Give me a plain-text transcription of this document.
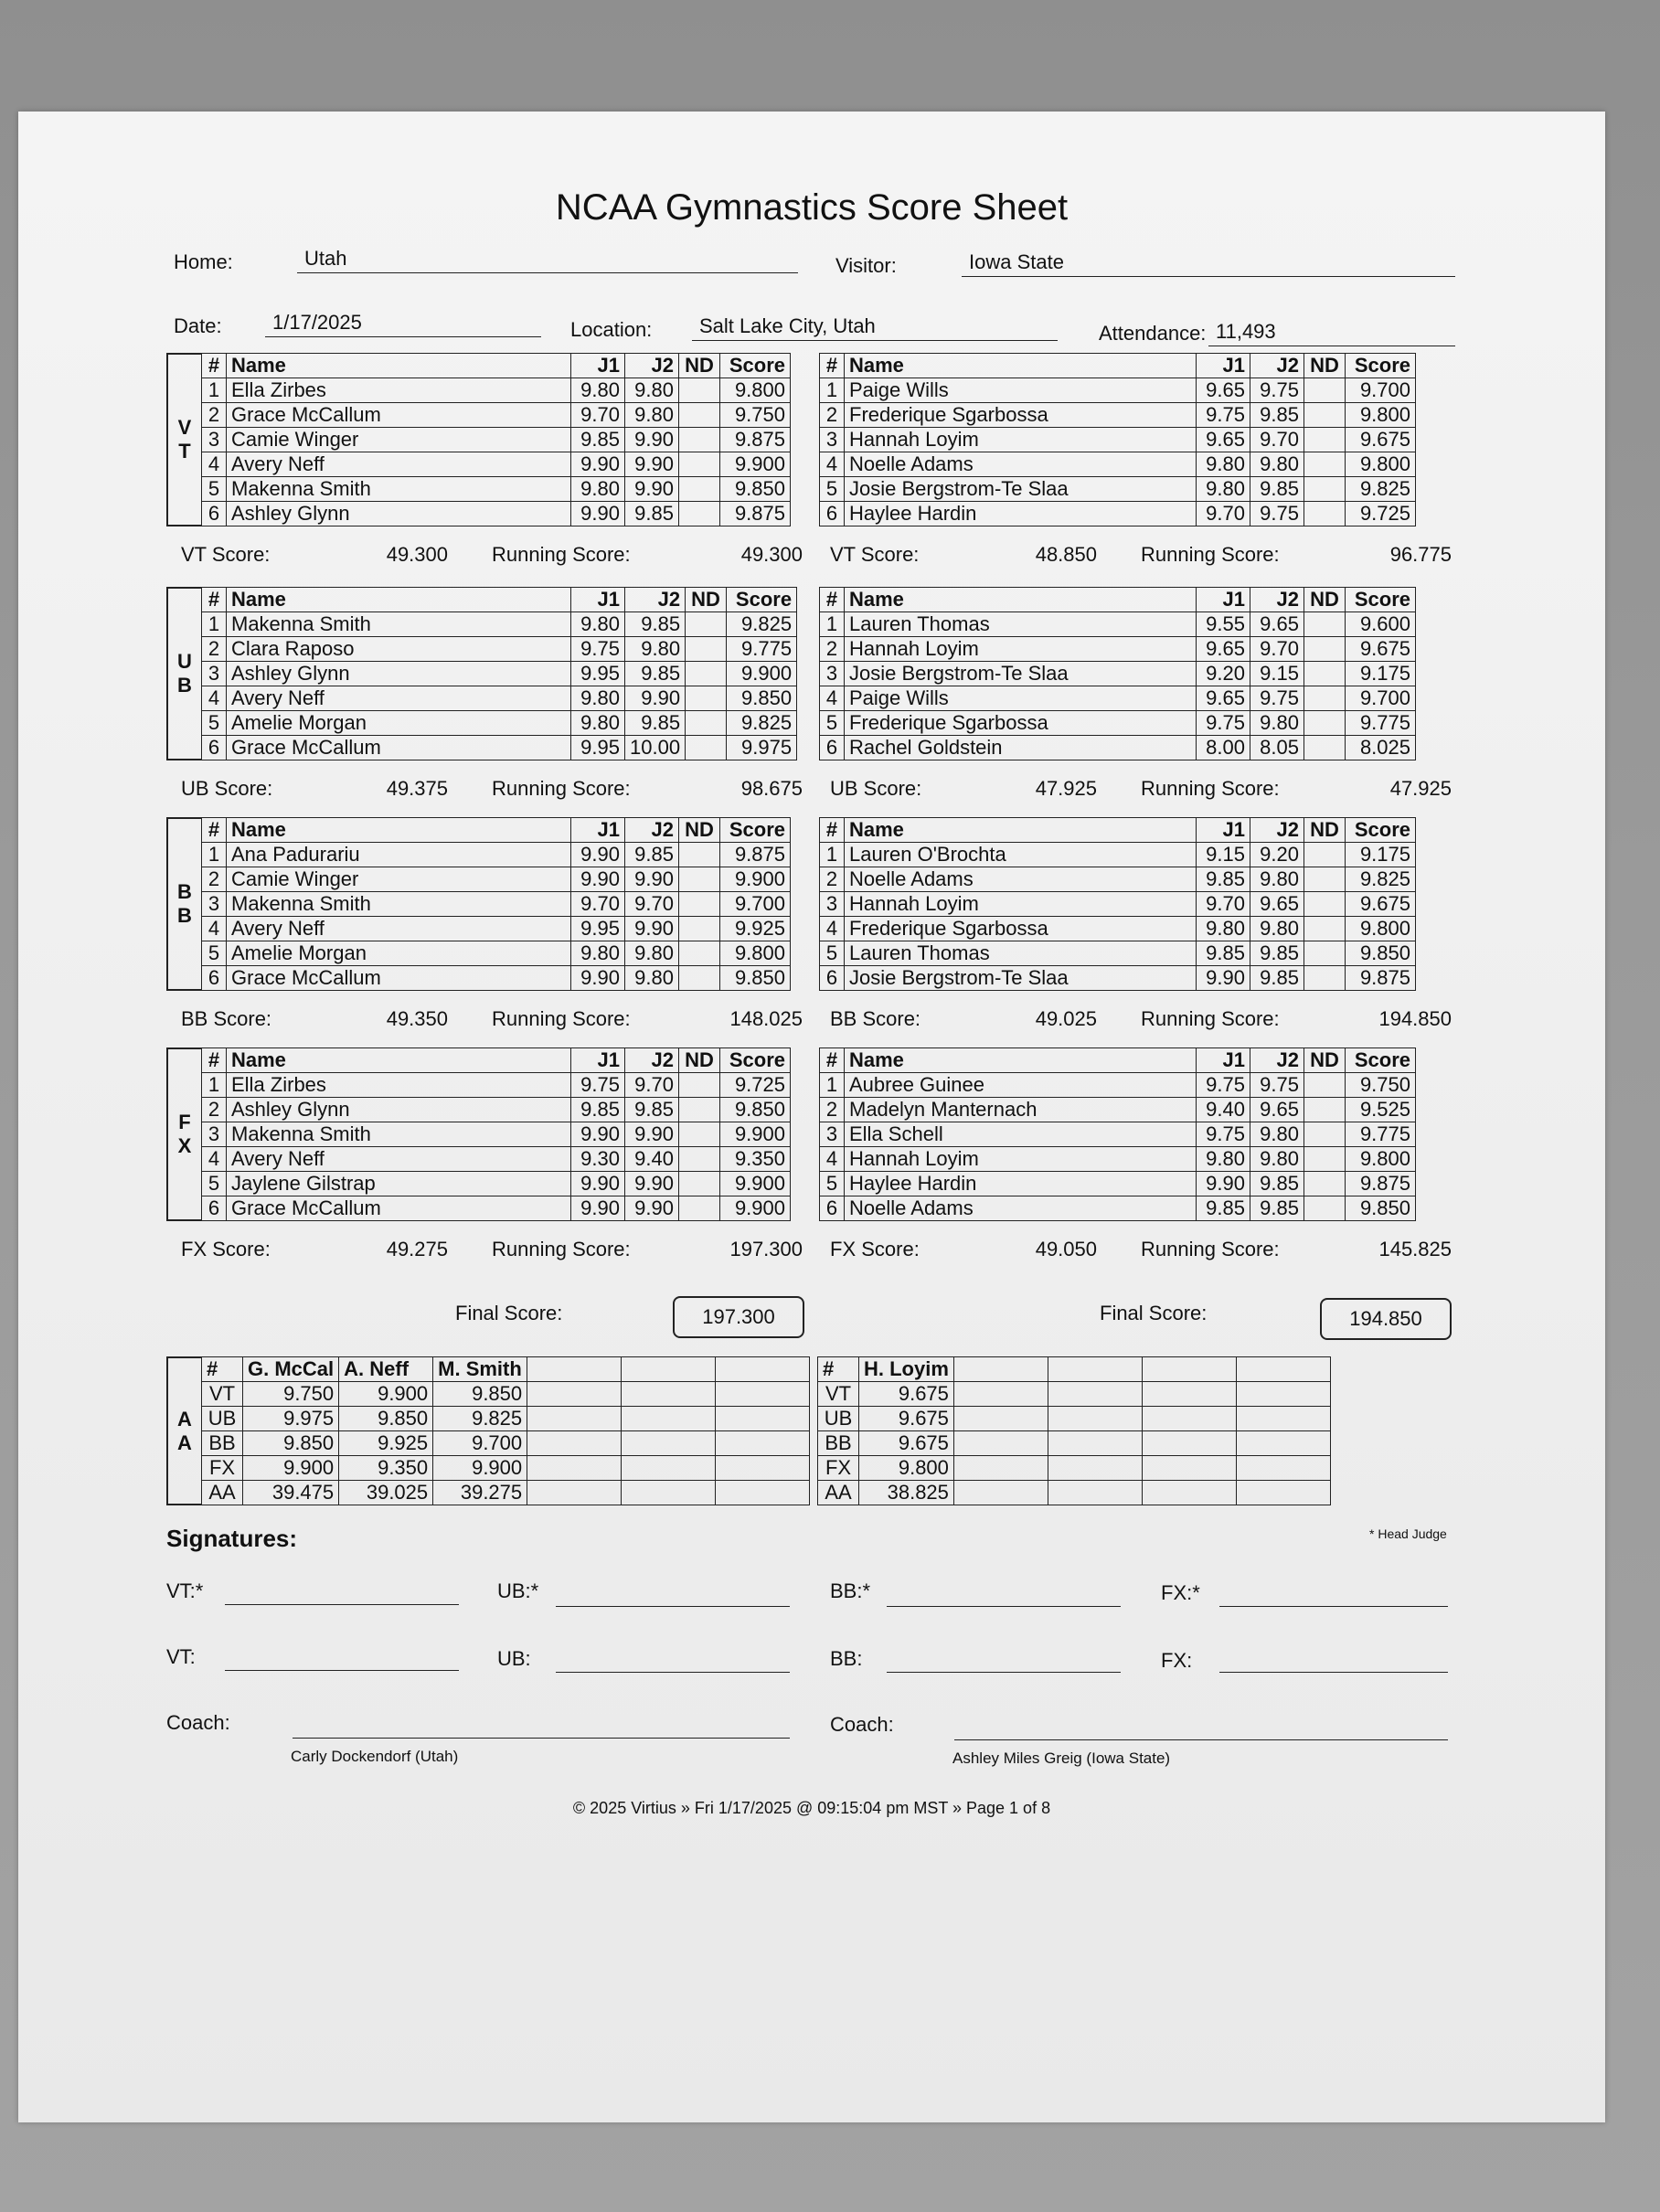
NCAA Gymnastics Score Sheet
Home:	Utah	Visitor:	Iowa State
Date:	1/17/2025	Location:	Salt Lake City, Utah	Attendance: 11,493
V
T
#	Name	J1	J2	ND	Score
1	Ella Zirbes	9.80	9.80		9.800
2	Grace McCallum	9.70	9.80		9.750
3	Camie Winger	9.85	9.90		9.875
4	Avery Neff	9.90	9.90		9.900
5	Makenna Smith	9.80	9.90		9.850
6	Ashley Glynn	9.90	9.85		9.875
VT Score:	49.300 Running Score:	49.300
#	Name	J1	J2	ND	Score
1	Paige Wills	9.65	9.75		9.700
2	Frederique Sgarbossa	9.75	9.85		9.800
3	Hannah Loyim	9.65	9.70		9.675
4	Noelle Adams	9.80	9.80		9.800
5	Josie Bergstrom-Te Slaa	9.80	9.85		9.825
6	Haylee Hardin	9.70	9.75		9.725
VT Score:	48.850 Running Score:	96.775
U
B
#	Name	J1	J2	ND	Score
1	Makenna Smith	9.80	9.85		9.825
2	Clara Raposo	9.75	9.80		9.775
3	Ashley Glynn	9.95	9.85		9.900
4	Avery Neff	9.80	9.90		9.850
5	Amelie Morgan	9.80	9.85		9.825
6	Grace McCallum	9.95	10.00		9.975
UB Score:	49.375 Running Score:	98.675
#	Name	J1	J2	ND	Score
1	Lauren Thomas	9.55	9.65		9.600
2	Hannah Loyim	9.65	9.70		9.675
3	Josie Bergstrom-Te Slaa	9.20	9.15		9.175
4	Paige Wills	9.65	9.75		9.700
5	Frederique Sgarbossa	9.75	9.80		9.775
6	Rachel Goldstein	8.00	8.05		8.025
UB Score:	47.925 Running Score:	47.925
B
B
#	Name	J1	J2	ND	Score
1	Ana Padurariu	9.90	9.85		9.875
2	Camie Winger	9.90	9.90		9.900
3	Makenna Smith	9.70	9.70		9.700
4	Avery Neff	9.95	9.90		9.925
5	Amelie Morgan	9.80	9.80		9.800
6	Grace McCallum	9.90	9.80		9.850
BB Score:	49.350 Running Score:	148.025
#	Name	J1	J2	ND	Score
1	Lauren O'Brochta	9.15	9.20		9.175
2	Noelle Adams	9.85	9.80		9.825
3	Hannah Loyim	9.70	9.65		9.675
4	Frederique Sgarbossa	9.80	9.80		9.800
5	Lauren Thomas	9.85	9.85		9.850
6	Josie Bergstrom-Te Slaa	9.90	9.85		9.875
BB Score:	49.025 Running Score:	194.850
F
X
#	Name	J1	J2	ND	Score
1	Ella Zirbes	9.75	9.70		9.725
2	Ashley Glynn	9.85	9.85		9.850
3	Makenna Smith	9.90	9.90		9.900
4	Avery Neff	9.30	9.40		9.350
5	Jaylene Gilstrap	9.90	9.90		9.900
6	Grace McCallum	9.90	9.90		9.900
FX Score:	49.275 Running Score:	197.300
#	Name	J1	J2	ND	Score
1	Aubree Guinee	9.75	9.75		9.750
2	Madelyn Manternach	9.40	9.65		9.525
3	Ella Schell	9.75	9.80		9.775
4	Hannah Loyim	9.80	9.80		9.800
5	Haylee Hardin	9.90	9.85		9.875
6	Noelle Adams	9.85	9.85		9.850
FX Score:	49.050 Running Score:	145.825
Final Score:	197.300	Final Score:	194.850
A
A
#	G. McCal	A. Neff	M. Smith			
VT	9.750	9.900	9.850			
UB	9.975	9.850	9.825			
BB	9.850	9.925	9.700			
FX	9.900	9.350	9.900			
AA	39.475	39.025	39.275			
#	H. Loyim				
VT	9.675				
UB	9.675				
BB	9.675				
FX	9.800				
AA	38.825				
Signatures:	* Head Judge
VT:*	UB:*	BB:*	FX:*
VT:	UB:	BB:	FX:
Coach:
Carly Dockendorf (Utah)
Coach:
Ashley Miles Greig (Iowa State)
© 2025 Virtius » Fri 1/17/2025 @ 09:15:04 pm MST » Page 1 of 8
